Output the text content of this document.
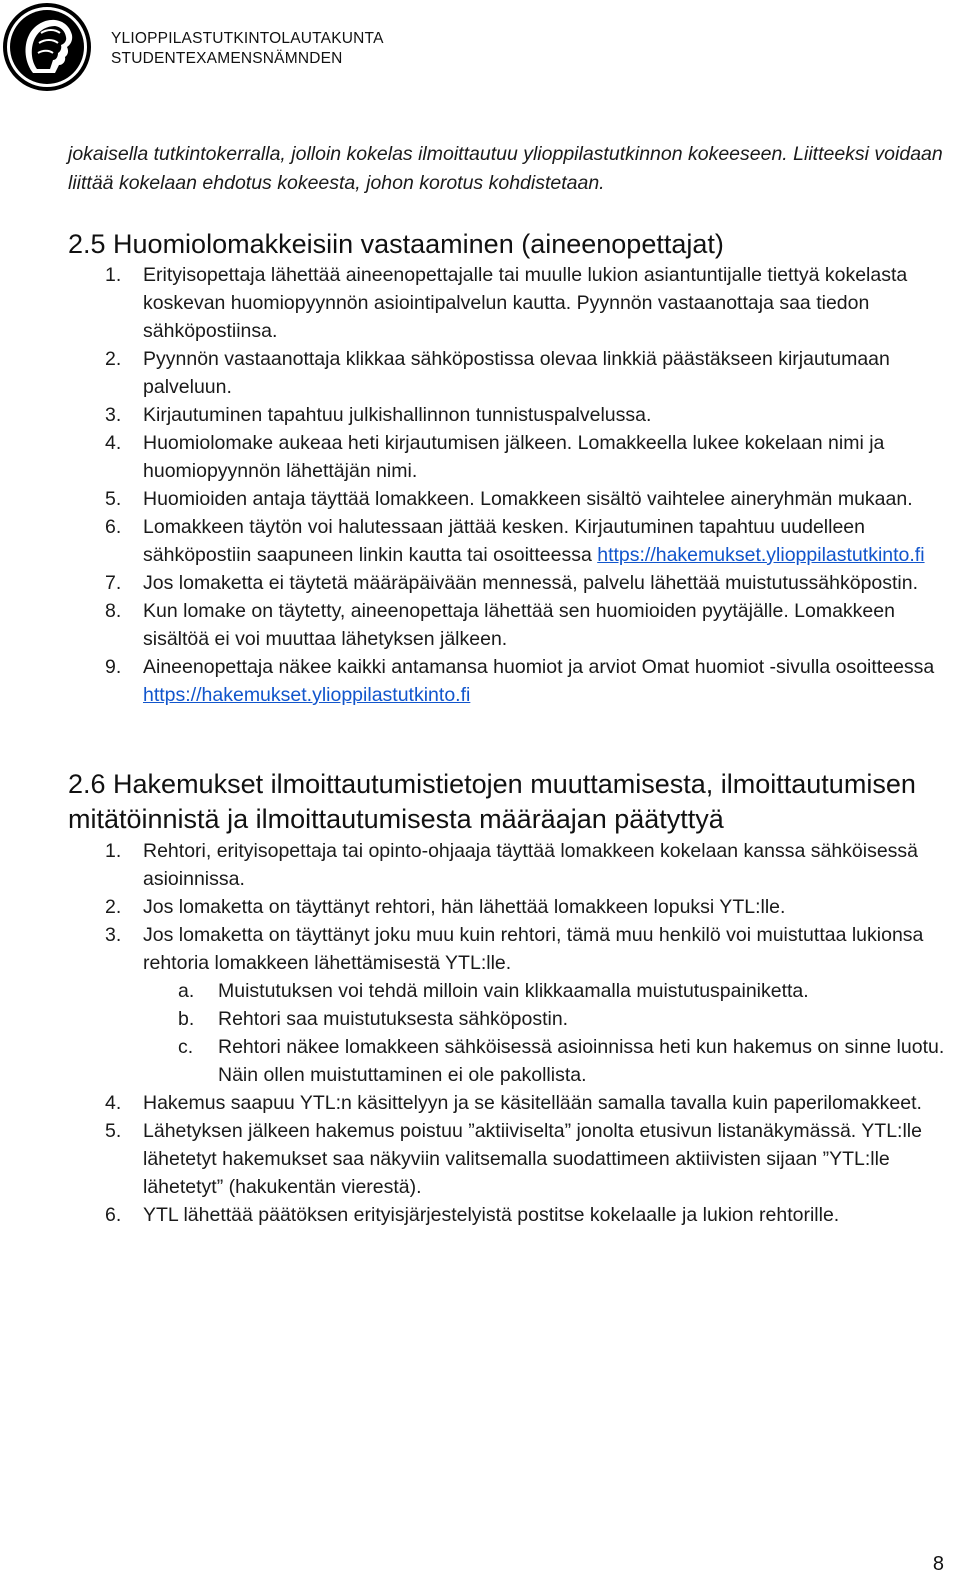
YLIOPPILASTUTKINTOLAUTAKUNTA
STUDENTEXAMENSNÄMNDEN

jokaisella tutkintokerralla, jolloin kokelas ilmoittautuu ylioppilastutkinnon kokeeseen. Liitteeksi voidaan liittää kokelaan ehdotus kokeesta, johon korotus kohdistetaan.

2.5 Huomiolomakkeisiin vastaaminen (aineenopettajat)
1.	Erityisopettaja lähettää aineenopettajalle tai muulle lukion asiantuntijalle tiettyä kokelasta koskevan huomiopyynnön asiointipalvelun kautta. Pyynnön vastaanottaja saa tiedon sähköpostiinsa.
2.	Pyynnön vastaanottaja klikkaa sähköpostissa olevaa linkkiä päästäkseen kirjautumaan palveluun.
3.	Kirjautuminen tapahtuu julkishallinnon tunnistuspalvelussa.
4.	Huomiolomake aukeaa heti kirjautumisen jälkeen. Lomakkeella lukee kokelaan nimi ja huomiopyynnön lähettäjän nimi.
5.	Huomioiden antaja täyttää lomakkeen. Lomakkeen sisältö vaihtelee aineryhmän mukaan.
6.	Lomakkeen täytön voi halutessaan jättää kesken. Kirjautuminen tapahtuu uudelleen sähköpostiin saapuneen linkin kautta tai osoitteessa https://hakemukset.ylioppilastutkinto.fi
7.	Jos lomaketta ei täytetä määräpäivään mennessä, palvelu lähettää muistutussähköpostin.
8.	Kun lomake on täytetty, aineenopettaja lähettää sen huomioiden pyytäjälle. Lomakkeen sisältöä ei voi muuttaa lähetyksen jälkeen.
9.	Aineenopettaja näkee kaikki antamansa huomiot ja arviot Omat huomiot -sivulla osoitteessa https://hakemukset.ylioppilastutkinto.fi
2.6 Hakemukset ilmoittautumistietojen muuttamisesta, ilmoittautumisen mitätöinnistä ja ilmoittautumisesta määräajan päätyttyä
1.	Rehtori, erityisopettaja tai opinto-ohjaaja täyttää lomakkeen kokelaan kanssa sähköisessä asioinnissa.
2.	Jos lomaketta on täyttänyt rehtori, hän lähettää lomakkeen lopuksi YTL:lle.
3.	Jos lomaketta on täyttänyt joku muu kuin rehtori, tämä muu henkilö voi muistuttaa lukionsa rehtoria lomakkeen lähettämisestä YTL:lle.
a.	Muistutuksen voi tehdä milloin vain klikkaamalla muistutuspainiketta.
b.	Rehtori saa muistutuksesta sähköpostin.
c.	Rehtori näkee lomakkeen sähköisessä asioinnissa heti kun hakemus on sinne luotu. Näin ollen muistuttaminen ei ole pakollista.
4.	Hakemus saapuu YTL:n käsittelyyn ja se käsitellään samalla tavalla kuin paperilomakkeet.
5.	Lähetyksen jälkeen hakemus poistuu ”aktiiviselta” jonolta etusivun listanäkymässä. YTL:lle lähetetyt hakemukset saa näkyviin valitsemalla suodattimeen aktiivisten sijaan ”YTL:lle lähetetyt” (hakukentän vierestä).
6.	YTL lähettää päätöksen erityisjärjestelyistä postitse kokelaalle ja lukion rehtorille.
8
